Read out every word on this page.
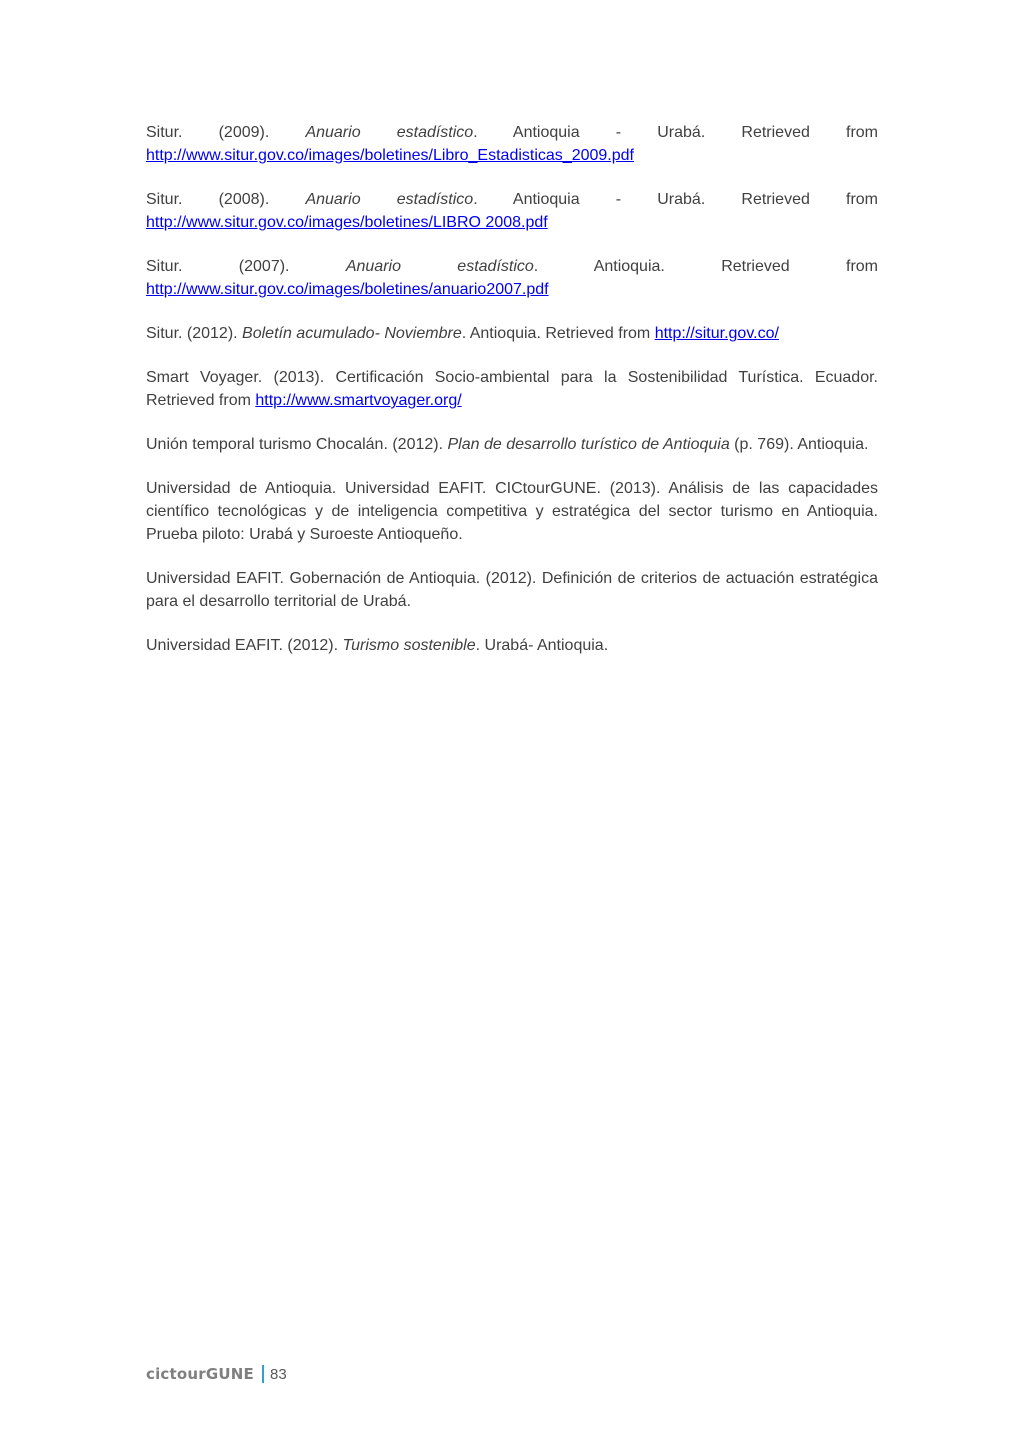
Situr. (2009). Anuario estadístico. Antioquia - Urabá. Retrieved from http://www.situr.gov.co/images/boletines/Libro_Estadisticas_2009.pdf

Situr. (2008). Anuario estadístico. Antioquia - Urabá. Retrieved from http://www.situr.gov.co/images/boletines/LIBRO 2008.pdf

Situr. (2007). Anuario estadístico. Antioquia. Retrieved from http://www.situr.gov.co/images/boletines/anuario2007.pdf

Situr. (2012). Boletín acumulado- Noviembre. Antioquia. Retrieved from http://situr.gov.co/

Smart Voyager. (2013). Certificación Socio-ambiental para la Sostenibilidad Turística. Ecuador. Retrieved from http://www.smartvoyager.org/

Unión temporal turismo Chocalán. (2012). Plan de desarrollo turístico de Antioquia (p. 769). Antioquia.

Universidad de Antioquia. Universidad EAFIT. CICtourGUNE. (2013). Análisis de las capacidades científico tecnológicas y de inteligencia competitiva y estratégica del sector turismo en Antioquia. Prueba piloto: Urabá y Suroeste Antioqueño.

Universidad EAFIT. Gobernación de Antioquia. (2012). Definición de criterios de actuación estratégica para el desarrollo territorial de Urabá.

Universidad EAFIT. (2012). Turismo sostenible. Urabá- Antioquia.

cictourGUNE 83
